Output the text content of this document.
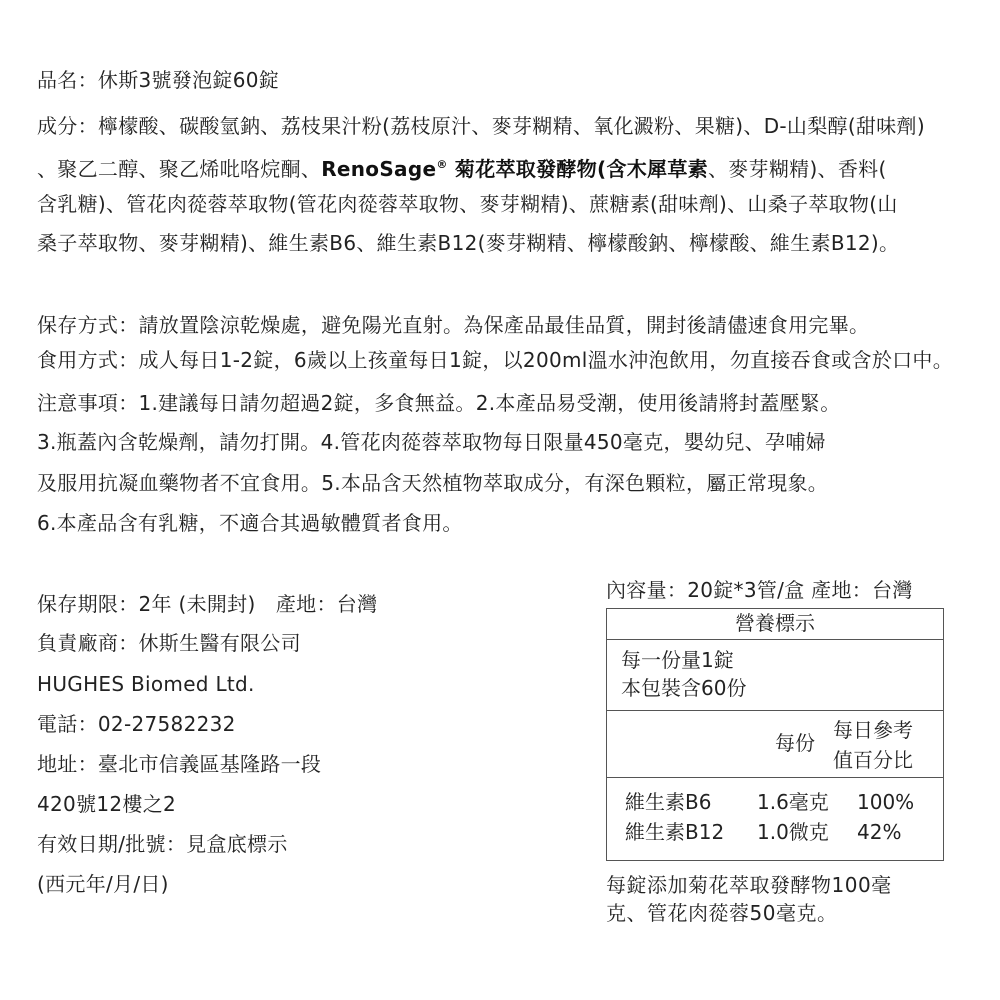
品名：休斯3號發泡錠60錠
成分：檸檬酸、碳酸氫鈉、荔枝果汁粉(荔枝原汁、麥芽糊精、氧化澱粉、果糖)、D-山梨醇(甜味劑)
、聚乙二醇、聚乙烯吡咯烷酮、RenoSage® 菊花萃取發酵物(含木犀草素、麥芽糊精)、香料(
含乳糖)、管花肉蓯蓉萃取物(管花肉蓯蓉萃取物、麥芽糊精)、蔗糖素(甜味劑)、山桑子萃取物(山
桑子萃取物、麥芽糊精)、維生素B6、維生素B12(麥芽糊精、檸檬酸鈉、檸檬酸、維生素B12)。
保存方式：請放置陰涼乾燥處，避免陽光直射。為保產品最佳品質，開封後請儘速食用完畢。
食用方式：成人每日1-2錠，6歲以上孩童每日1錠，以200ml溫水沖泡飲用，勿直接吞食或含於口中。
注意事項：1.建議每日請勿超過2錠，多食無益。2.本產品易受潮，使用後請將封蓋壓緊。
3.瓶蓋內含乾燥劑，請勿打開。4.管花肉蓯蓉萃取物每日限量450毫克，嬰幼兒、孕哺婦
及服用抗凝血藥物者不宜食用。5.本品含天然植物萃取成分，有深色顆粒，屬正常現象。
6.本產品含有乳糖，不適合其過敏體質者食用。
保存期限：2年 (未開封)　產地：台灣
負責廠商：休斯生醫有限公司
HUGHES Biomed Ltd.
電話：02-27582232
地址：臺北市信義區基隆路一段
420號12樓之2
有效日期/批號：見盒底標示
(西元年/月/日)
內容量：20錠*3管/盒 產地：台灣
營養標示
每一份量1錠
本包裝含60份
每份
每日參考
值百分比
維生素B6 1.6毫克 100%
維生素B12 1.0微克 42%
每錠添加菊花萃取發酵物100毫
克、管花肉蓯蓉50毫克。
